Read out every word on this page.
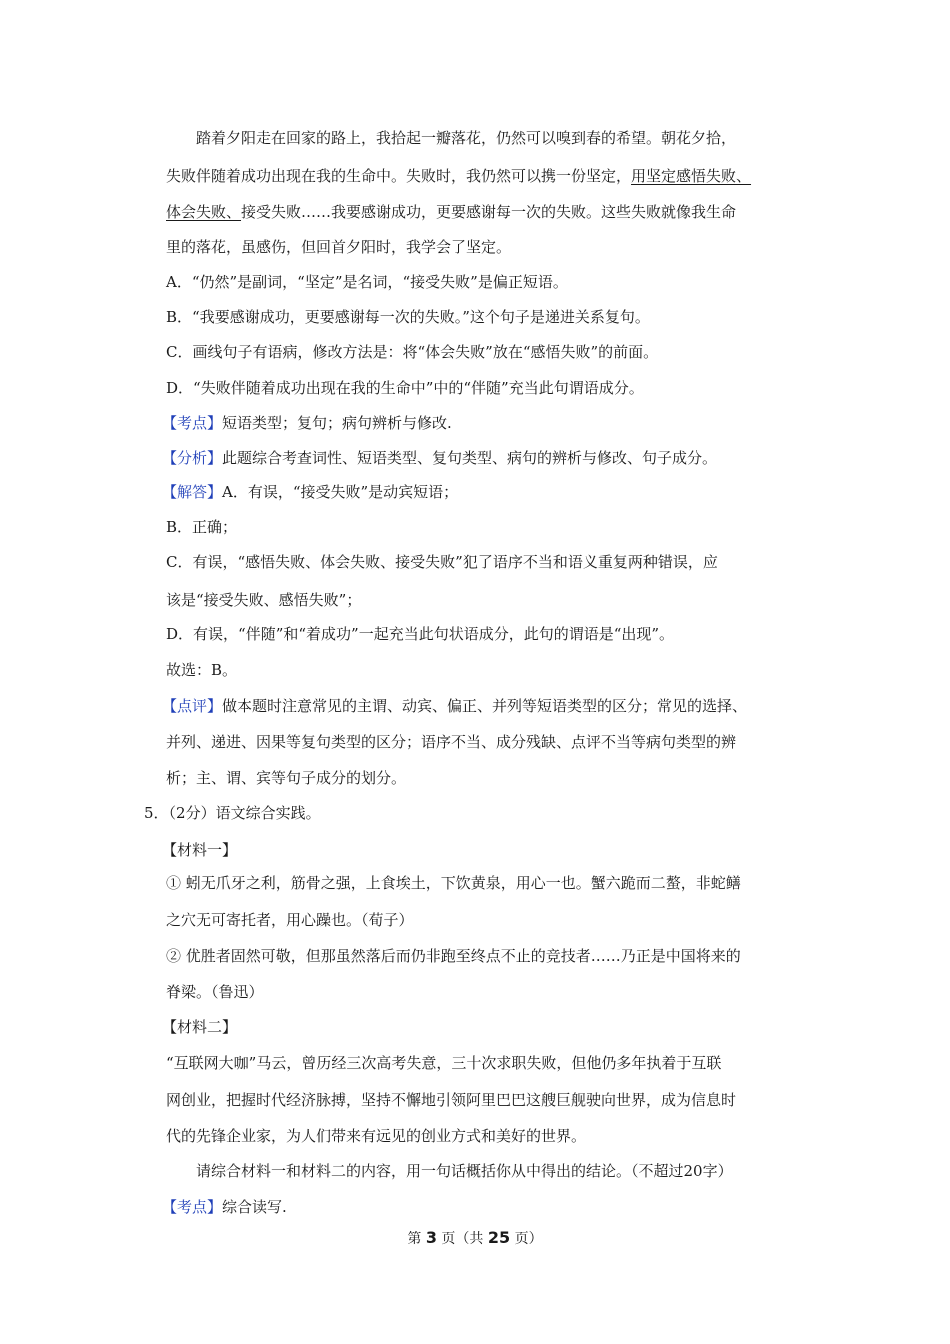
踏着夕阳走在回家的路上，我拾起一瓣落花，仍然可以嗅到春的希望。朝花夕拾，
失败伴随着成功出现在我的生命中。失败时，我仍然可以携一份坚定，用坚定感悟失败、
体会失败、接受失败……我要感谢成功，更要感谢每一次的失败。这些失败就像我生命
里的落花，虽感伤，但回首夕阳时，我学会了坚定。
A．“仍然”是副词，“坚定”是名词，“接受失败”是偏正短语。
B．“我要感谢成功，更要感谢每一次的失败。”这个句子是递进关系复句。
C．画线句子有语病，修改方法是：将“体会失败”放在“感悟失败”的前面。
D．“失败伴随着成功出现在我的生命中”中的“伴随”充当此句谓语成分。
【考点】短语类型；复句；病句辨析与修改.
【分析】此题综合考查词性、短语类型、复句类型、病句的辨析与修改、句子成分。
【解答】A．有误，“接受失败”是动宾短语；
B．正确；
C．有误，“感悟失败、体会失败、接受失败”犯了语序不当和语义重复两种错误，应
该是“接受失败、感悟失败”；
D．有误，“伴随”和“着成功”一起充当此句状语成分，此句的谓语是“出现”。
故选：B。
【点评】做本题时注意常见的主谓、动宾、偏正、并列等短语类型的区分；常见的选择、
并列、递进、因果等复句类型的区分；语序不当、成分残缺、点评不当等病句类型的辨
析；主、谓、宾等句子成分的划分。
5．（2分）语文综合实践。
【材料一】
① 蚓无爪牙之利，筋骨之强，上食埃土，下饮黄泉，用心一也。蟹六跪而二螯，非蛇鳝
之穴无可寄托者，用心躁也。（荀子）
② 优胜者固然可敬，但那虽然落后而仍非跑至终点不止的竞技者……乃正是中国将来的
脊梁。（鲁迅）
【材料二】
“互联网大咖”马云，曾历经三次高考失意，三十次求职失败，但他仍多年执着于互联
网创业，把握时代经济脉搏，坚持不懈地引领阿里巴巴这艘巨舰驶向世界，成为信息时
代的先锋企业家，为人们带来有远见的创业方式和美好的世界。
请综合材料一和材料二的内容，用一句话概括你从中得出的结论。（不超过20字）
【考点】综合读写.
第 3 页（共 25 页）
